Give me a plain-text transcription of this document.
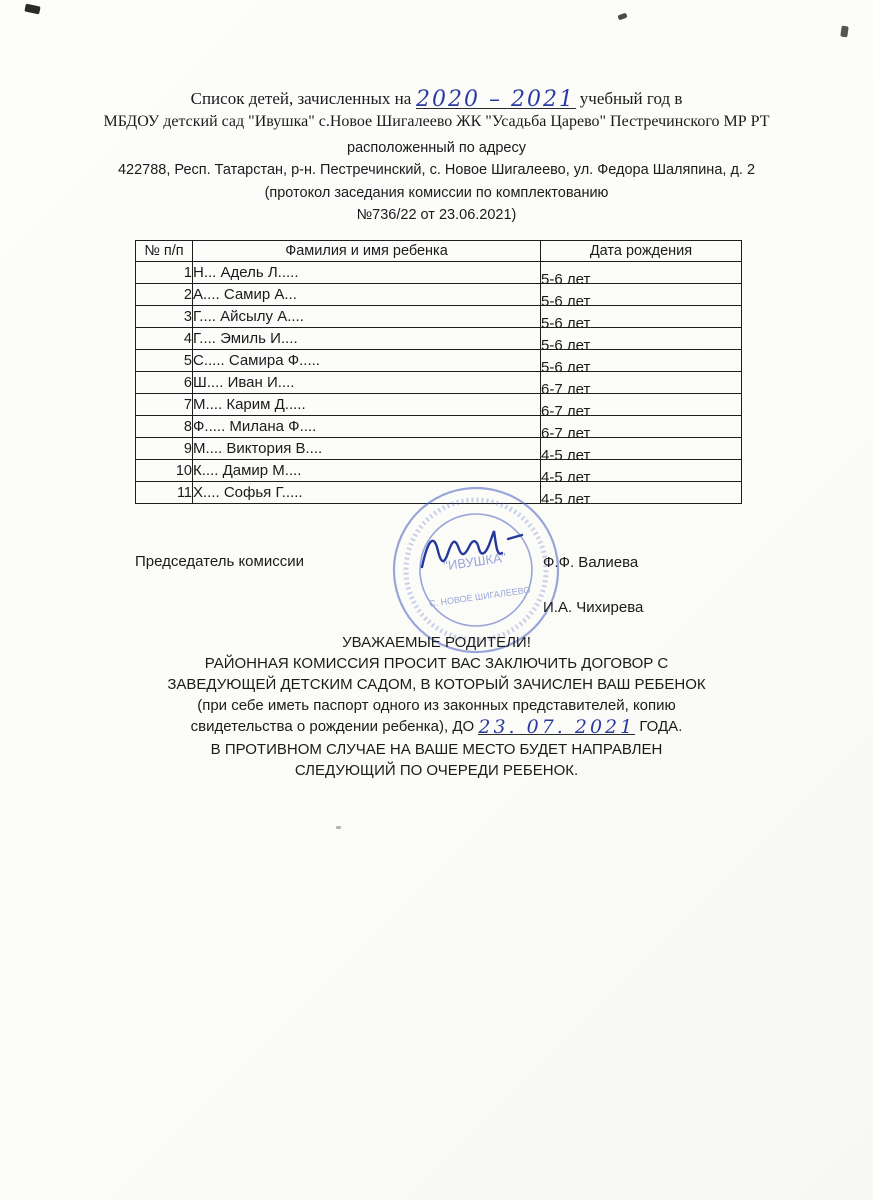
Список детей, зачисленных на 2020 – 2021 учебный год в
МБДОУ детский сад "Ивушка" с.Новое Шигалеево ЖК "Усадьба Царево" Пестречинского МР РТ
расположенный по адресу
422788, Респ. Татарстан, р-н. Пестречинский, с. Новое Шигалеево, ул. Федора Шаляпина, д. 2
(протокол заседания комиссии по комплектованию
№736/22 от 23.06.2021)
№ п/п	Фамилия и имя ребенка	Дата рождения
1	Н... Адель Л.....	5-6 лет
2	А.... Самир А...	5-6 лет
3	Г.... Айсылу А....	5-6 лет
4	Г.... Эмиль И....	5-6 лет
5	С..... Самира Ф.....	5-6 лет
6	Ш.... Иван И....	6-7 лет
7	М.... Карим Д.....	6-7 лет
8	Ф..... Милана Ф....	6-7 лет
9	М.... Виктория В....	4-5 лет
10	К.... Дамир М....	4-5 лет
11	Х.... Софья Г.....	4-5 лет
"ИВУШКА"
С. НОВОЕ ШИГАЛЕЕВО
Председатель комиссии	Ф.Ф. Валиева
И.А. Чихирева
УВАЖАЕМЫЕ РОДИТЕЛИ!
РАЙОННАЯ КОМИССИЯ ПРОСИТ ВАС ЗАКЛЮЧИТЬ ДОГОВОР С
ЗАВЕДУЮЩЕЙ ДЕТСКИМ САДОМ, В КОТОРЫЙ ЗАЧИСЛЕН ВАШ РЕБЕНОК
(при себе иметь паспорт одного из законных представителей, копию
свидетельства о рождении ребенка), ДО 23. 07. 2021 ГОДА.
В ПРОТИВНОМ СЛУЧАЕ НА ВАШЕ МЕСТО БУДЕТ НАПРАВЛЕН
СЛЕДУЮЩИЙ ПО ОЧЕРЕДИ РЕБЕНОК.
